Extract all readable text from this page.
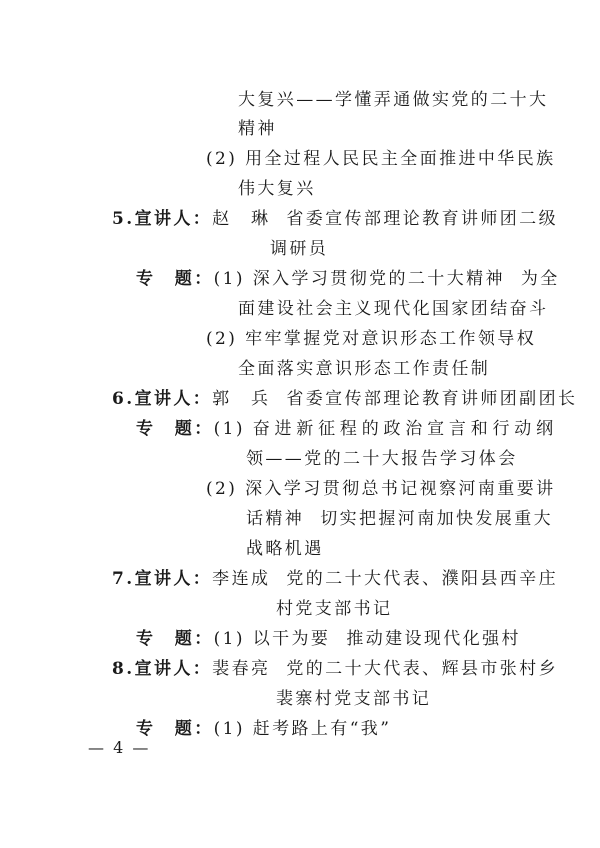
大复兴——学懂弄通做实党的二十大
精神
(2) 用全过程人民民主全面推进中华民族
伟大复兴
5.宣讲人：赵　琳 省委宣传部理论教育讲师团二级
调研员
专　题：(1) 深入学习贯彻党的二十大精神 为全
面建设社会主义现代化国家团结奋斗
(2) 牢牢掌握党对意识形态工作领导权
全面落实意识形态工作责任制
6.宣讲人：郭　兵 省委宣传部理论教育讲师团副团长
专　题：(1) 奋进新征程的政治宣言和行动纲
领——党的二十大报告学习体会
(2) 深入学习贯彻总书记视察河南重要讲
话精神 切实把握河南加快发展重大
战略机遇
7.宣讲人：李连成 党的二十大代表、濮阳县西辛庄
村党支部书记
专　题：(1) 以干为要 推动建设现代化强村
8.宣讲人：裴春亮 党的二十大代表、辉县市张村乡
裴寨村党支部书记
专　题：(1) 赶考路上有“我”
— 4 —
